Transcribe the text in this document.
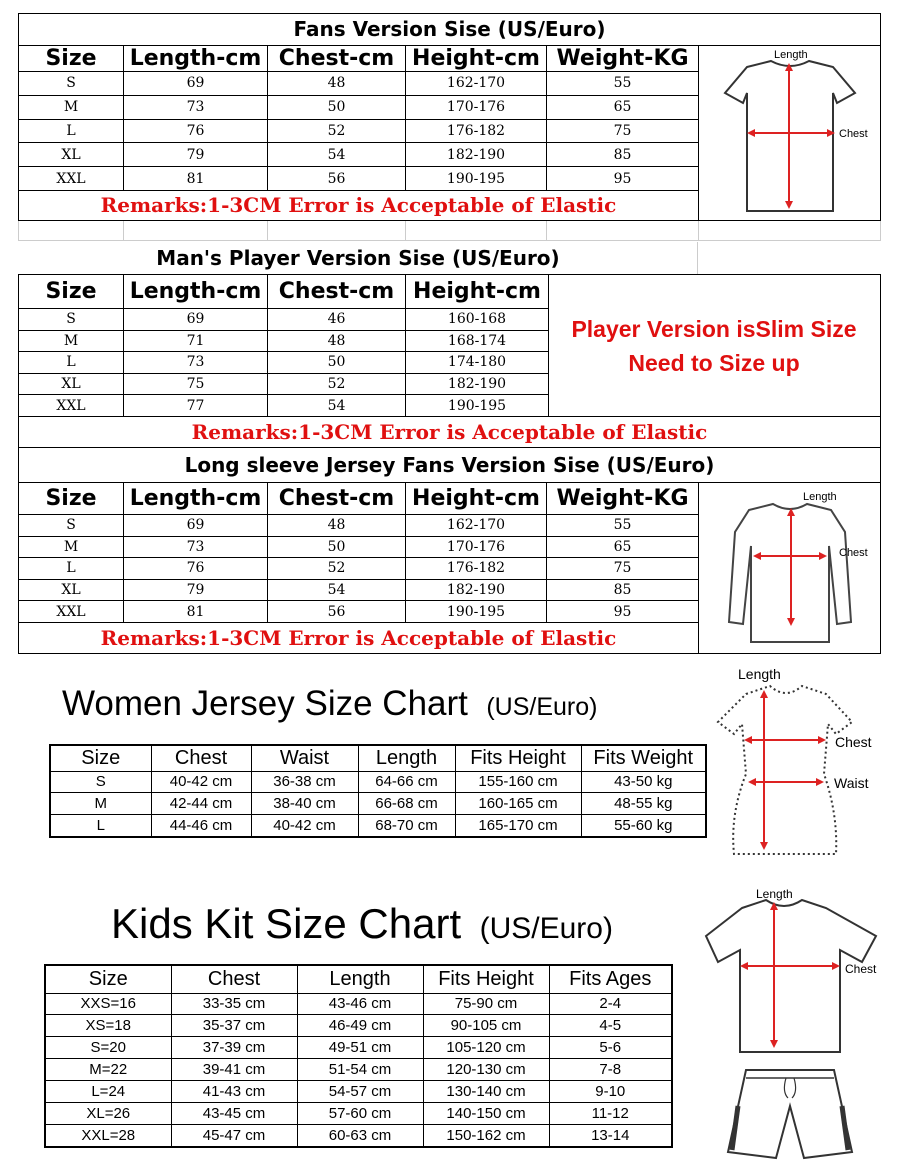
Fans Version Sise (US/Euro)
Size	Length-cm	Chest-cm	Height-cm	Weight-KG
S	69	48	162-170	55
M	73	50	170-176	65
L	76	52	176-182	75
XL	79	54	182-190	85
XXL	81	56	190-195	95
Remarks:1-3CM Error is Acceptable of Elastic
Length
Chest
Man's Player Version Sise (US/Euro)
Size	Length-cm	Chest-cm	Height-cm
S	69	46	160-168
M	71	48	168-174
L	73	50	174-180
XL	75	52	182-190
XXL	77	54	190-195
Player Version isSlim Size
Need to Size up
Remarks:1-3CM Error is Acceptable of Elastic
Long sleeve Jersey Fans Version Sise (US/Euro)
Size	Length-cm	Chest-cm	Height-cm	Weight-KG
S	69	48	162-170	55
M	73	50	170-176	65
L	76	52	176-182	75
XL	79	54	182-190	85
XXL	81	56	190-195	95
Remarks:1-3CM Error is Acceptable of Elastic
Length
Chest
Women Jersey Size Chart (US/Euro)
Size	Chest	Waist	Length	Fits Height	Fits Weight
S	40-42 cm	36-38 cm	64-66 cm	155-160 cm	43-50 kg
M	42-44 cm	38-40 cm	66-68 cm	160-165 cm	48-55 kg
L	44-46 cm	40-42 cm	68-70 cm	165-170 cm	55-60 kg
Length
Chest
Waist
Kids Kit Size Chart (US/Euro)
Size	Chest	Length	Fits Height	Fits Ages
XXS=16	33-35 cm	43-46 cm	75-90 cm	2-4
XS=18	35-37 cm	46-49 cm	90-105 cm	4-5
S=20	37-39 cm	49-51 cm	105-120 cm	5-6
M=22	39-41 cm	51-54 cm	120-130 cm	7-8
L=24	41-43 cm	54-57 cm	130-140 cm	9-10
XL=26	43-45 cm	57-60 cm	140-150 cm	11-12
XXL=28	45-47 cm	60-63 cm	150-162 cm	13-14
Length
Chest
